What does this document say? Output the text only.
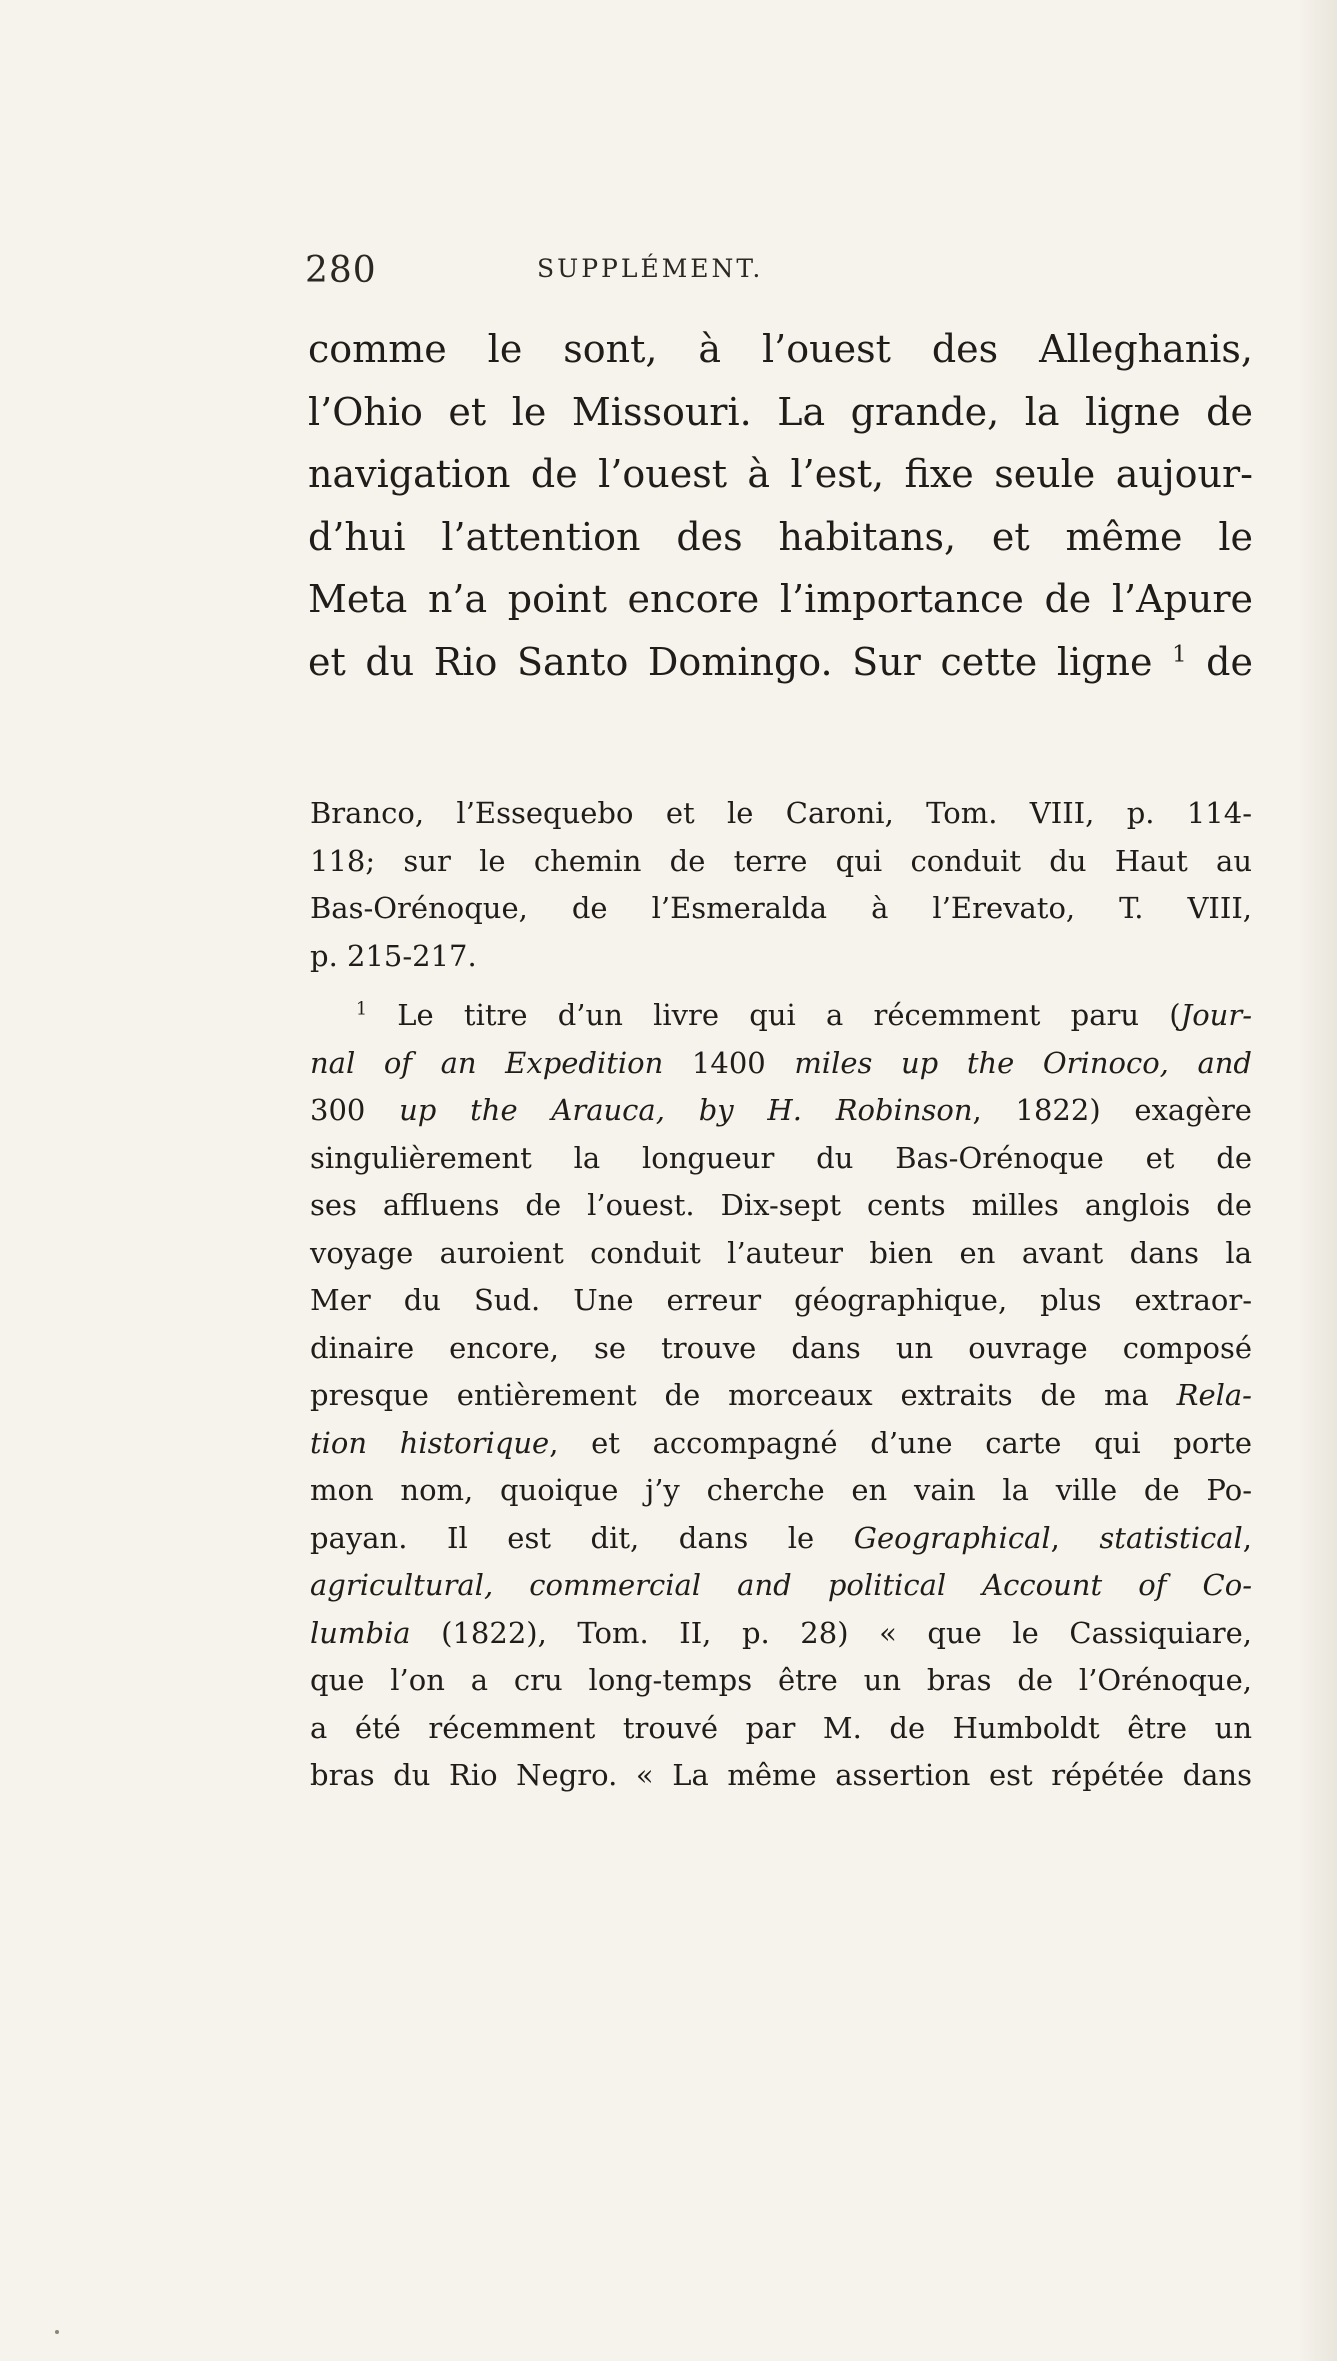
280	SUPPLÉMENT.
comme le sont, à l’ouest des Alleghanis,
l’Ohio et le Missouri. La grande, la ligne de
navigation de l’ouest à l’est, fixe seule aujour-
d’hui l’attention des habitans, et même le
Meta n’a point encore l’importance de l’Apure
et du Rio Santo Domingo. Sur cette ligne $^1$ de
Branco, l’Essequebo et le Caroni, Tom. VIII, p. 114-
118; sur le chemin de terre qui conduit du Haut au
Bas-Orénoque, de l’Esmeralda à l’Erevato, T. VIII,
p. 215-217.
$^1$ Le titre d’un livre qui a récemment paru (Jour-
nal of an Expedition 1400 miles up the Orinoco, and
300 up the Arauca, by H. Robinson, 1822) exagère
singulièrement la longueur du Bas-Orénoque et de
ses affluens de l’ouest. Dix-sept cents milles anglois de
voyage auroient conduit l’auteur bien en avant dans la
Mer du Sud. Une erreur géographique, plus extraor-
dinaire encore, se trouve dans un ouvrage composé
presque entièrement de morceaux extraits de ma Rela-
tion historique, et accompagné d’une carte qui porte
mon nom, quoique j’y cherche en vain la ville de Po-
payan. Il est dit, dans le Geographical, statistical,
agricultural, commercial and political Account of Co-
lumbia (1822), Tom. II, p. 28) « que le Cassiquiare,
que l’on a cru long-temps être un bras de l’Orénoque,
a été récemment trouvé par M. de Humboldt être un
bras du Rio Negro. « La même assertion est répétée dans
